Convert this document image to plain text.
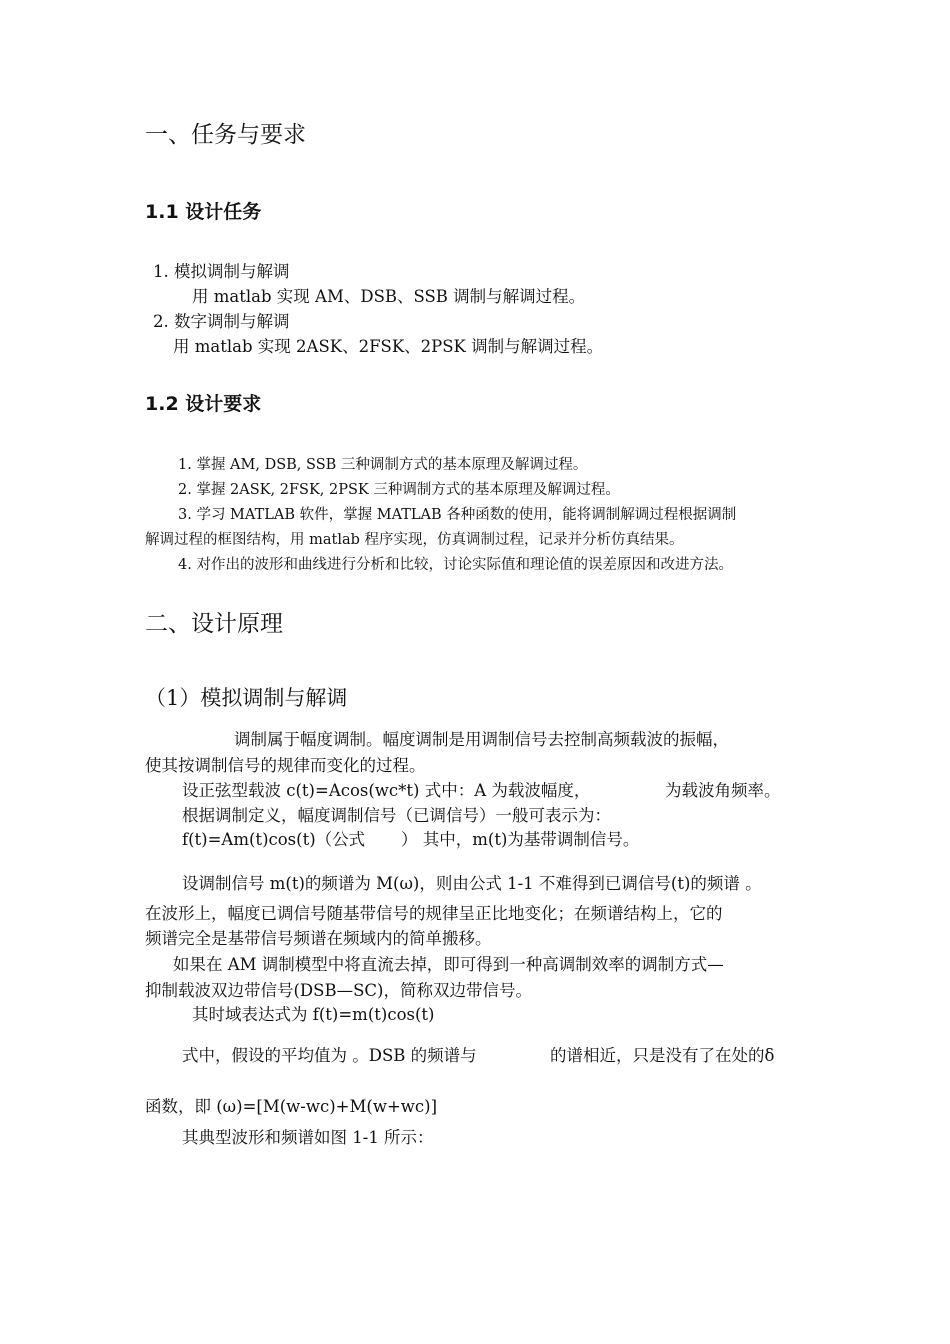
一、任务与要求
1.1 设计任务
1. 模拟调制与解调
用 matlab 实现 AM、DSB、SSB 调制与解调过程。
2. 数字调制与解调
用 matlab 实现 2ASK、2FSK、2PSK 调制与解调过程。
1.2 设计要求
1. 掌握 AM, DSB, SSB 三种调制方式的基本原理及解调过程。
2. 掌握 2ASK, 2FSK, 2PSK 三种调制方式的基本原理及解调过程。
3. 学习 MATLAB 软件，掌握 MATLAB 各种函数的使用，能将调制解调过程根据调制
解调过程的框图结构，用 matlab 程序实现，仿真调制过程，记录并分析仿真结果。
4. 对作出的波形和曲线进行分析和比较，讨论实际值和理论值的误差原因和改进方法。
二、设计原理
（1）模拟调制与解调
调制属于幅度调制。幅度调制是用调制信号去控制高频载波的振幅，
使其按调制信号的规律而变化的过程。
设正弦型载波 c(t)=Acos(wc*t) 式中：A 为载波幅度，	为载波角频率。
根据调制定义，幅度调制信号（已调信号）一般可表示为：
f(t)=Am(t)cos(t)（公式 ） 其中，m(t)为基带调制信号。
设调制信号 m(t)的频谱为 M(ω)，则由公式 1-1 不难得到已调信号(t)的频谱 。
在波形上，幅度已调信号随基带信号的规律呈正比地变化；在频谱结构上，它的
频谱完全是基带信号频谱在频域内的简单搬移。
如果在 AM 调制模型中将直流去掉，即可得到一种高调制效率的调制方式—
抑制载波双边带信号(DSB—SC)，简称双边带信号。
其时域表达式为 f(t)=m(t)cos(t)
式中，假设的平均值为 。DSB 的频谱与	的谱相近，只是没有了在处的δ
函数，即 (ω)=[M(w-wc)+M(w+wc)]
其典型波形和频谱如图 1-1 所示：
